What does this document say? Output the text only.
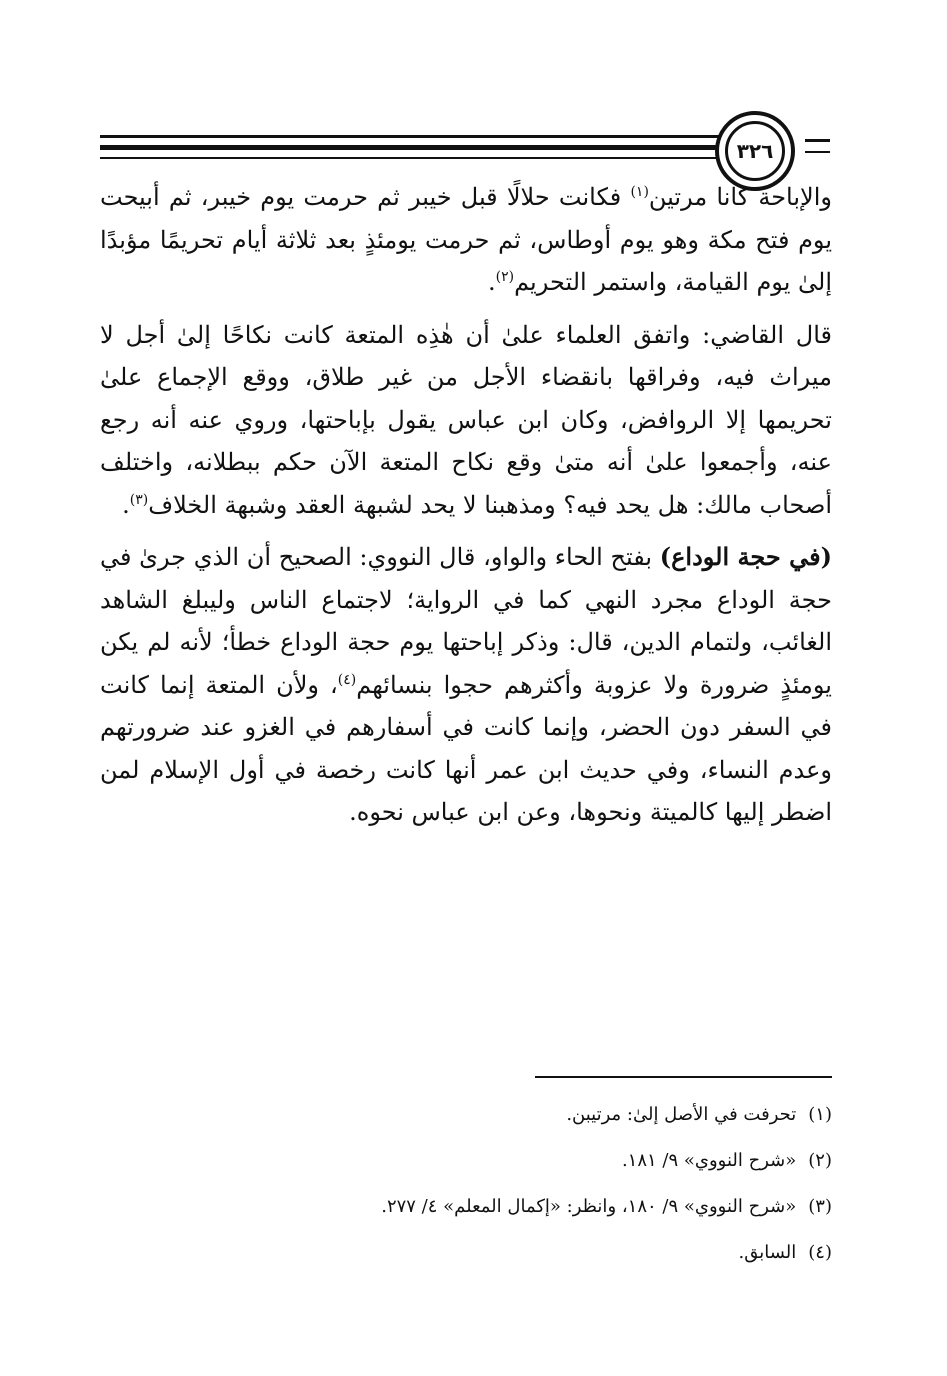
٣٢٦

والإباحة كانا مرتين$^{(١)}$ فكانت حلالًا قبل خيبر ثم حرمت يوم خيبر، ثم أبيحت يوم فتح مكة وهو يوم أوطاس، ثم حرمت يومئذٍ بعد ثلاثة أيام تحريمًا مؤبدًا إلىٰ يوم القيامة، واستمر التحريم$^{(٢)}$.

قال القاضي: واتفق العلماء علىٰ أن هٰذِه المتعة كانت نكاحًا إلىٰ أجل لا ميراث فيه، وفراقها بانقضاء الأجل من غير طلاق، ووقع الإجماع علىٰ تحريمها إلا الروافض، وكان ابن عباس يقول بإباحتها، وروي عنه أنه رجع عنه، وأجمعوا علىٰ أنه متىٰ وقع نكاح المتعة الآن حكم ببطلانه، واختلف أصحاب مالك: هل يحد فيه؟ ومذهبنا لا يحد لشبهة العقد وشبهة الخلاف$^{(٣)}$.

(في حجة الوداع) بفتح الحاء والواو، قال النووي: الصحيح أن الذي جرىٰ في حجة الوداع مجرد النهي كما في الرواية؛ لاجتماع الناس وليبلغ الشاهد الغائب، ولتمام الدين، قال: وذكر إباحتها يوم حجة الوداع خطأ؛ لأنه لم يكن يومئذٍ ضرورة ولا عزوبة وأكثرهم حجوا بنسائهم$^{(٤)}$، ولأن المتعة إنما كانت في السفر دون الحضر، وإنما كانت في أسفارهم في الغزو عند ضرورتهم وعدم النساء، وفي حديث ابن عمر أنها كانت رخصة في أول الإسلام لمن اضطر إليها كالميتة ونحوها، وعن ابن عباس نحوه.

(١)تحرفت في الأصل إلىٰ: مرتيبن.
(٢)«شرح النووي» ٩/ ١٨١.
(٣)«شرح النووي» ٩/ ١٨٠، وانظر: «إكمال المعلم» ٤/ ٢٧٧.
(٤)السابق.
